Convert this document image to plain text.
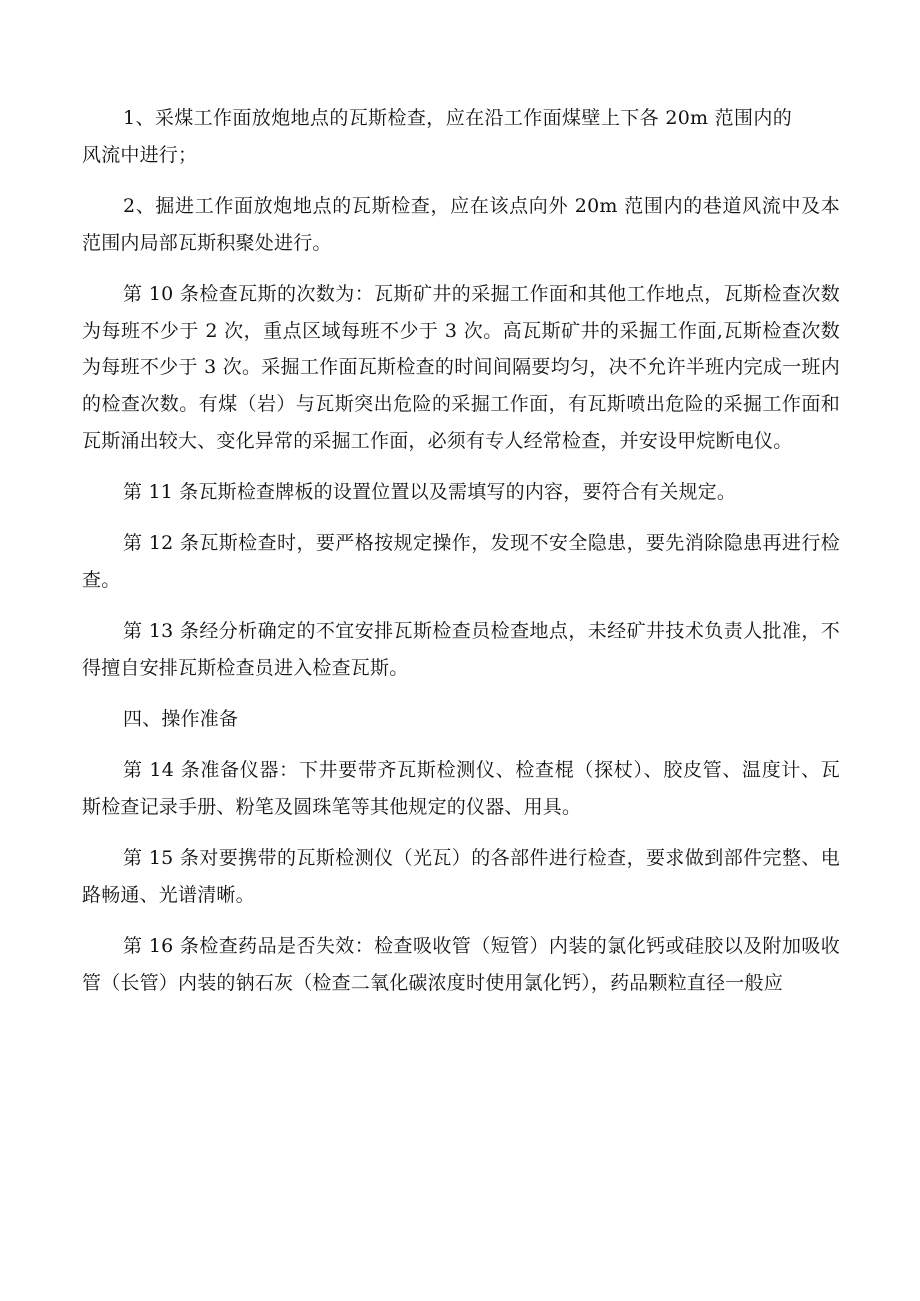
1、采煤工作面放炮地点的瓦斯检查，应在沿工作面煤壁上下各 20m 范围内的风流中进行；

2、掘进工作面放炮地点的瓦斯检查，应在该点向外 20m 范围内的巷道风流中及本范围内局部瓦斯积聚处进行。

第 10 条检查瓦斯的次数为：瓦斯矿井的采掘工作面和其他工作地点，瓦斯检查次数为每班不少于 2 次，重点区域每班不少于 3 次。高瓦斯矿井的采掘工作面,瓦斯检查次数为每班不少于 3 次。采掘工作面瓦斯检查的时间间隔要均匀，决不允许半班内完成一班内的检查次数。有煤（岩）与瓦斯突出危险的采掘工作面，有瓦斯喷出危险的采掘工作面和瓦斯涌出较大、变化异常的采掘工作面，必须有专人经常检查，并安设甲烷断电仪。

第 11 条瓦斯检查牌板的设置位置以及需填写的内容，要符合有关规定。

第 12 条瓦斯检查时，要严格按规定操作，发现不安全隐患，要先消除隐患再进行检查。

第 13 条经分析确定的不宜安排瓦斯检查员检查地点，未经矿井技术负责人批准，不得擅自安排瓦斯检查员进入检查瓦斯。

四、操作准备

第 14 条准备仪器：下井要带齐瓦斯检测仪、检查棍（探杖）、胶皮管、温度计、瓦斯检查记录手册、粉笔及圆珠笔等其他规定的仪器、用具。

第 15 条对要携带的瓦斯检测仪（光瓦）的各部件进行检查，要求做到部件完整、电路畅通、光谱清晰。

第 16 条检查药品是否失效：检查吸收管（短管）内装的氯化钙或硅胶以及附加吸收管（长管）内装的钠石灰（检查二氧化碳浓度时使用氯化钙），药品颗粒直径一般应
